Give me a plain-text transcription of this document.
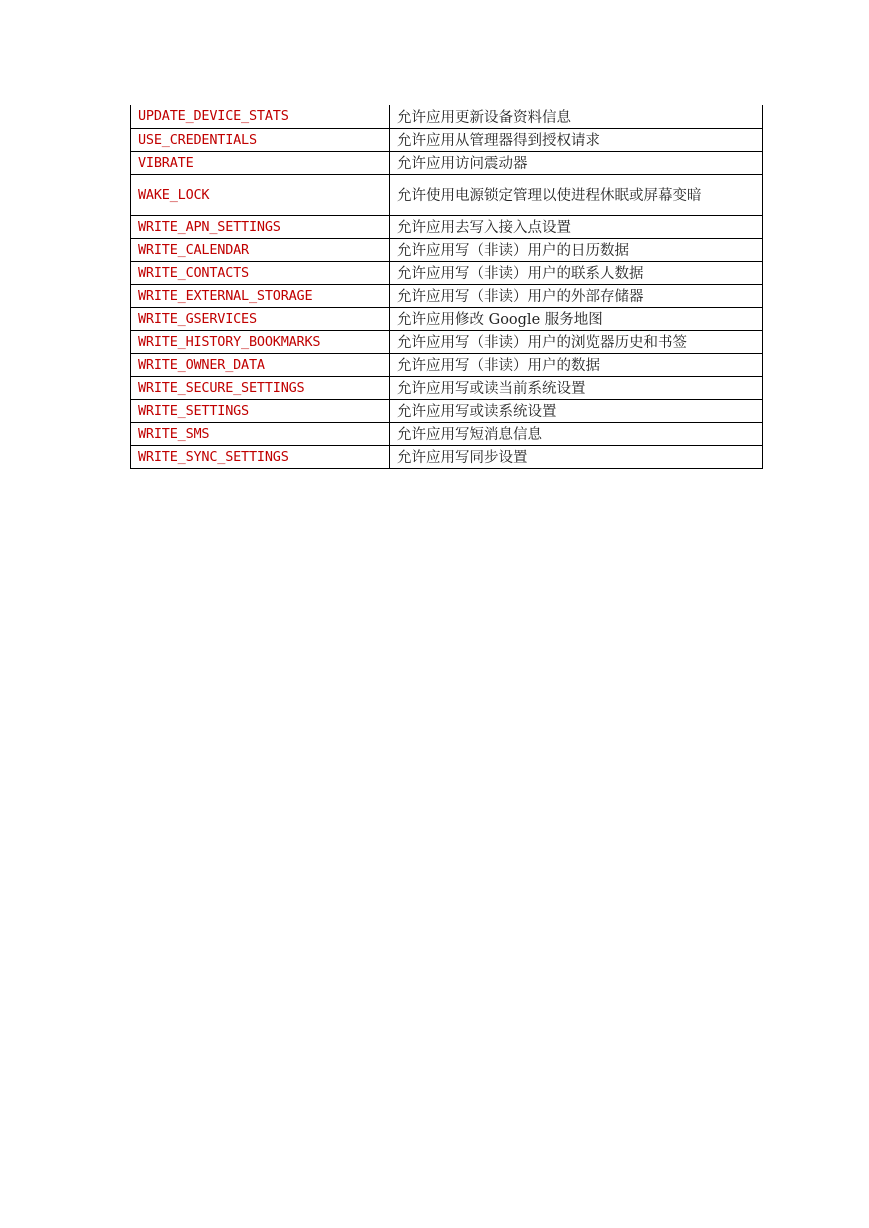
UPDATE_DEVICE_STATS	允许应用更新设备资料信息
USE_CREDENTIALS	允许应用从管理器得到授权请求
VIBRATE	允许应用访问震动器
WAKE_LOCK	允许使用电源锁定管理以使进程休眠或屏幕变暗
WRITE_APN_SETTINGS	允许应用去写入接入点设置
WRITE_CALENDAR	允许应用写（非读）用户的日历数据
WRITE_CONTACTS	允许应用写（非读）用户的联系人数据
WRITE_EXTERNAL_STORAGE	允许应用写（非读）用户的外部存储器
WRITE_GSERVICES	允许应用修改 Google 服务地图
WRITE_HISTORY_BOOKMARKS	允许应用写（非读）用户的浏览器历史和书签
WRITE_OWNER_DATA	允许应用写（非读）用户的数据
WRITE_SECURE_SETTINGS	允许应用写或读当前系统设置
WRITE_SETTINGS	允许应用写或读系统设置
WRITE_SMS	允许应用写短消息信息
WRITE_SYNC_SETTINGS	允许应用写同步设置
